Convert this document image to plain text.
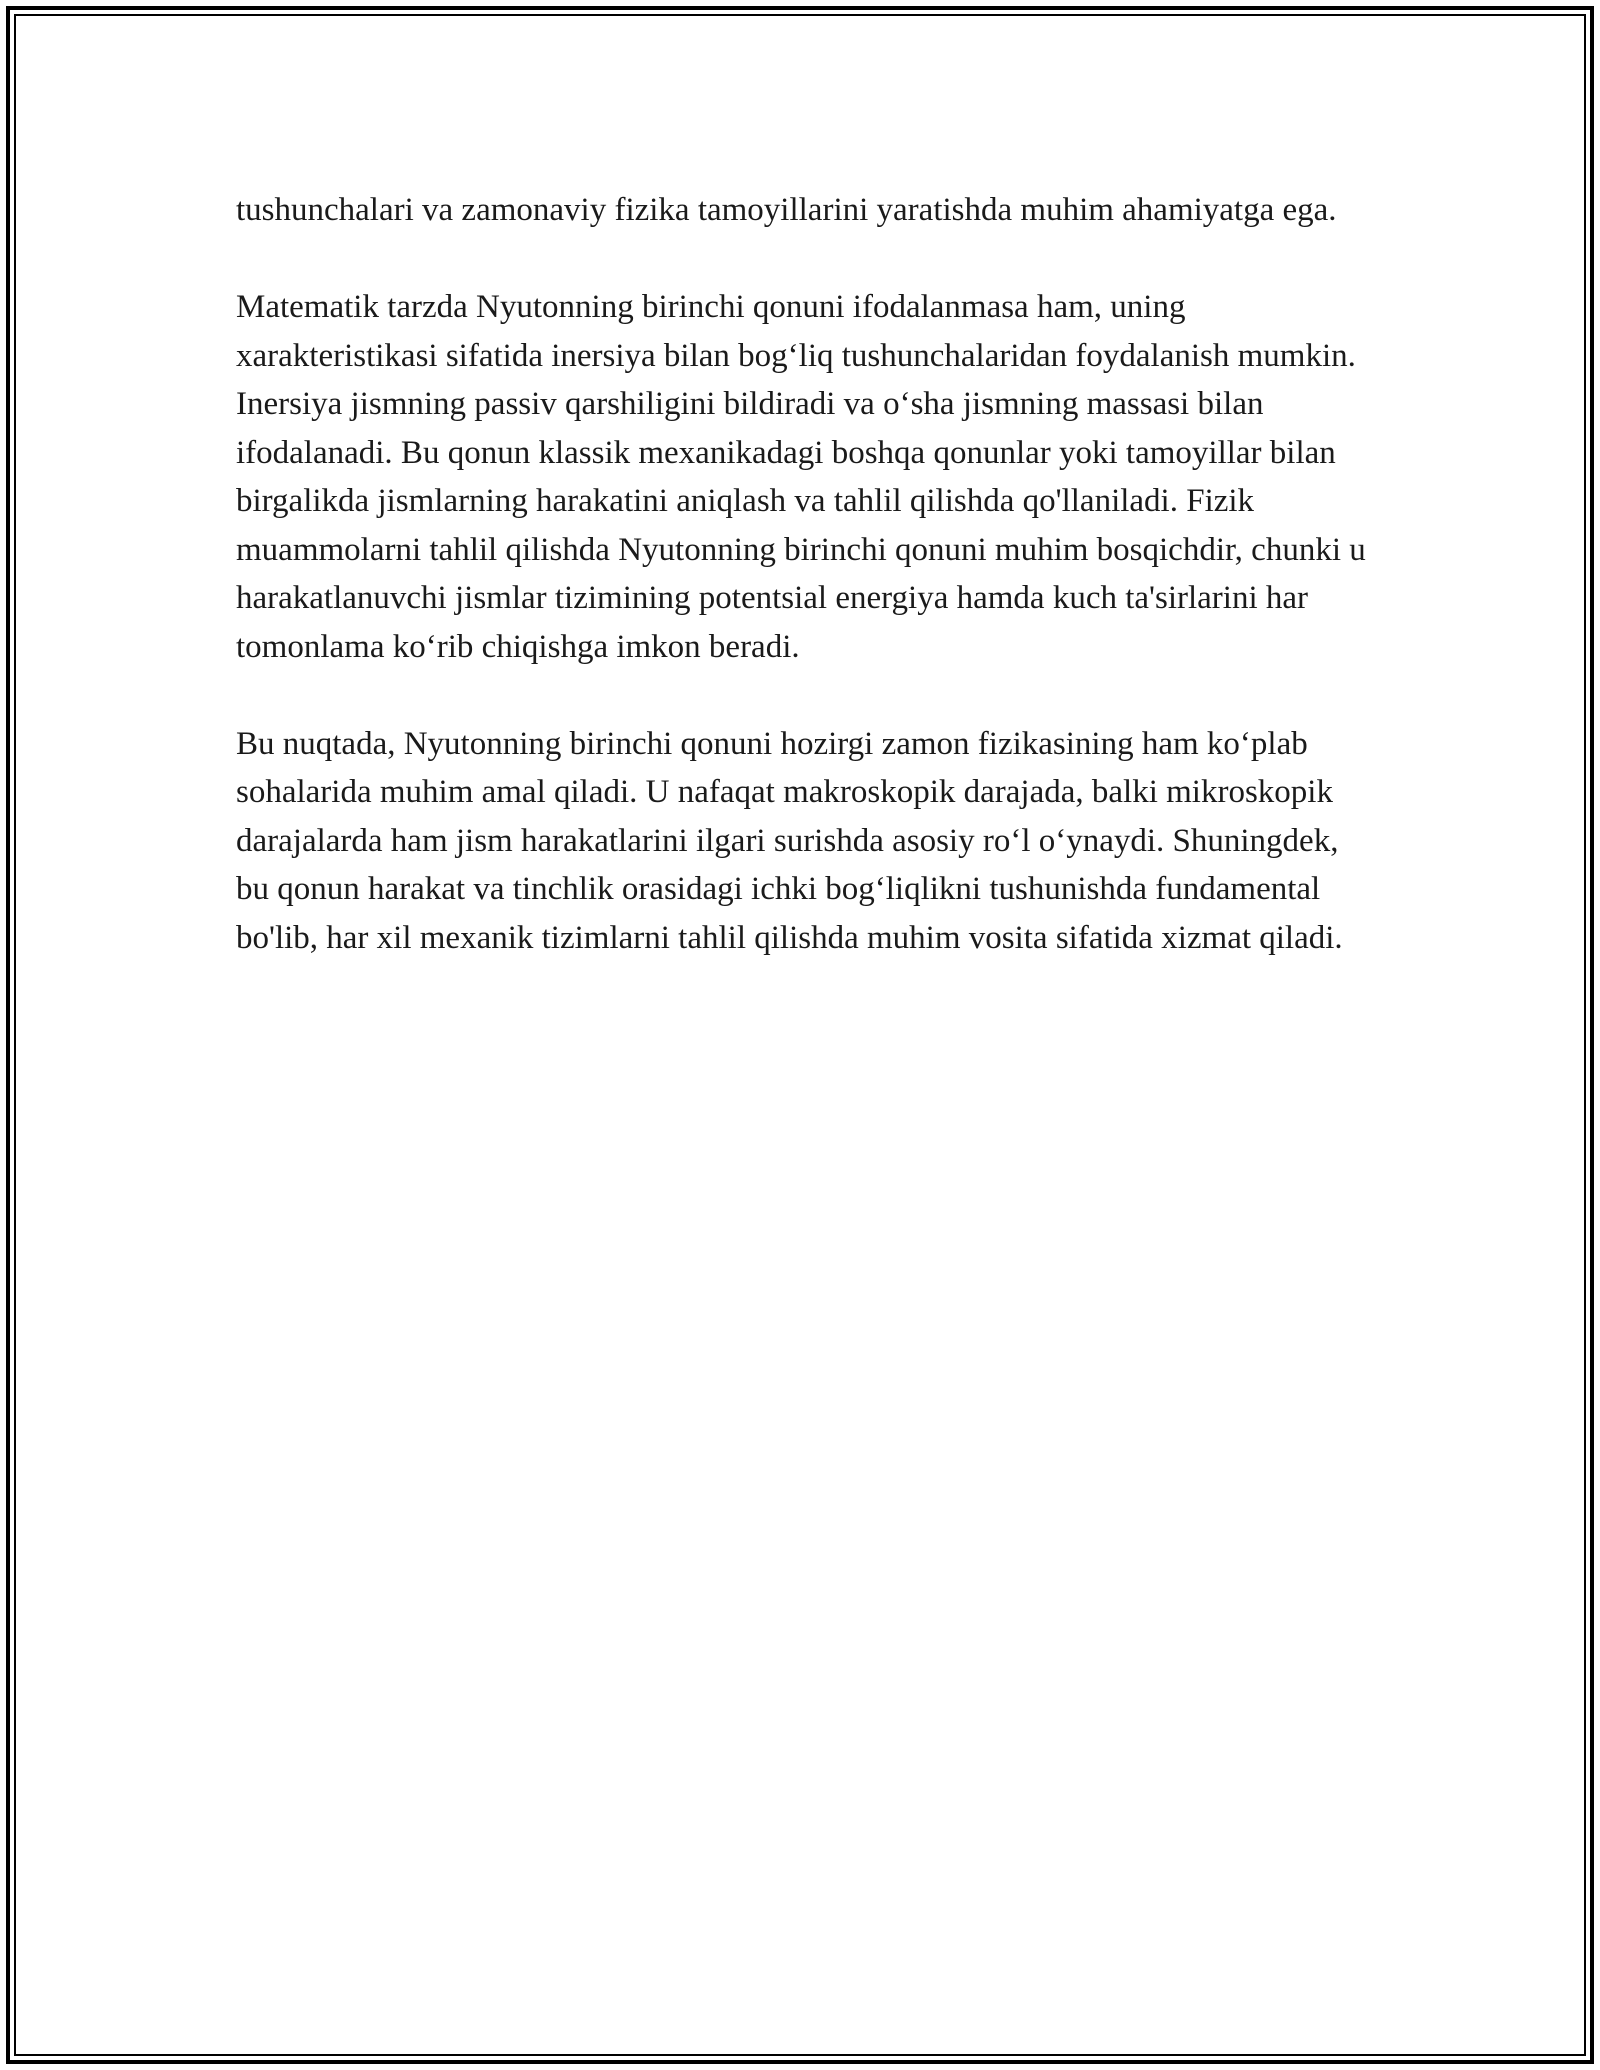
tushunchalari va zamonaviy fizika tamoyillarini yaratishda muhim ahamiyatga ega.

Matematik tarzda Nyutonning birinchi qonuni ifodalanmasa ham, uning xarakteristikasi sifatida inersiya bilan bog‘liq tushunchalaridan foydalanish mumkin. Inersiya jismning passiv qarshiligini bildiradi va o‘sha jismning massasi bilan ifodalanadi. Bu qonun klassik mexanikadagi boshqa qonunlar yoki tamoyillar bilan birgalikda jismlarning harakatini aniqlash va tahlil qilishda qo'llaniladi. Fizik muammolarni tahlil qilishda Nyutonning birinchi qonuni muhim bosqichdir, chunki u harakatlanuvchi jismlar tizimining potentsial energiya hamda kuch ta'sirlarini har tomonlama ko‘rib chiqishga imkon beradi.

Bu nuqtada, Nyutonning birinchi qonuni hozirgi zamon fizikasining ham ko‘plab sohalarida muhim amal qiladi. U nafaqat makroskopik darajada, balki mikroskopik darajalarda ham jism harakatlarini ilgari surishda asosiy ro‘l o‘ynaydi. Shuningdek, bu qonun harakat va tinchlik orasidagi ichki bog‘liqlikni tushunishda fundamental bo'lib, har xil mexanik tizimlarni tahlil qilishda muhim vosita sifatida xizmat qiladi.
